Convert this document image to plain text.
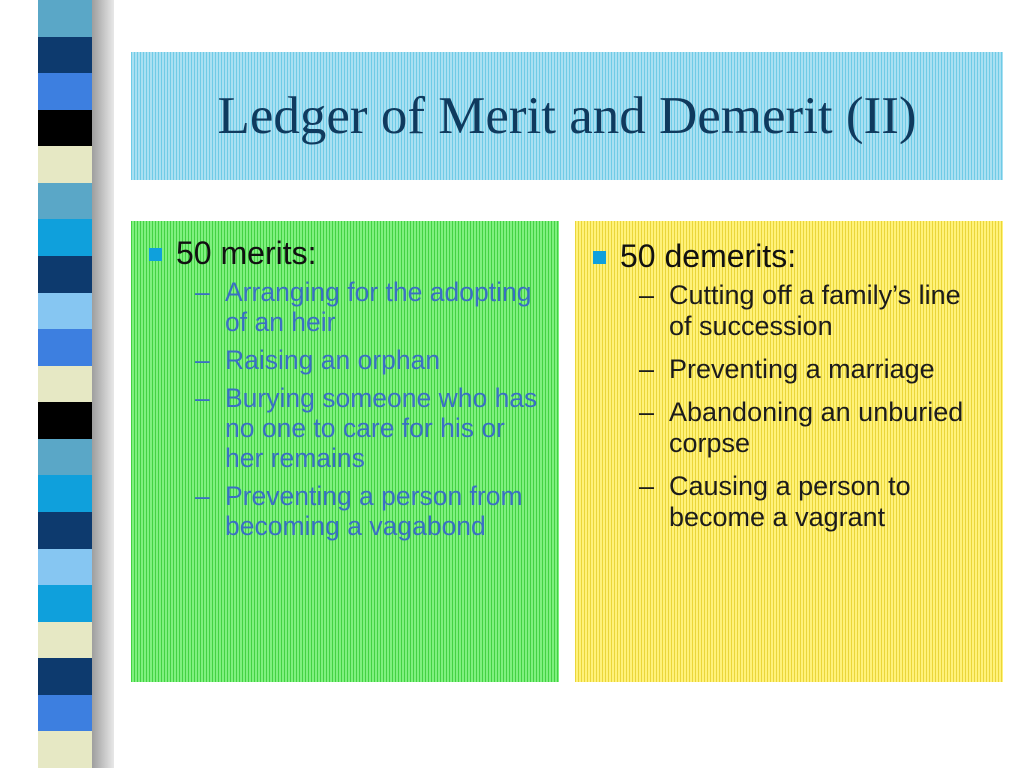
Ledger of Merit and Demerit (II)
50 merits:
– Arranging for the adopting of an heir
– Raising an orphan
– Burying someone who has no one to care for his or her remains
– Preventing a person from becoming a vagabond
50 demerits:
– Cutting off a family’s line of succession
– Preventing a marriage
– Abandoning an unburied corpse
– Causing a person to become a vagrant
